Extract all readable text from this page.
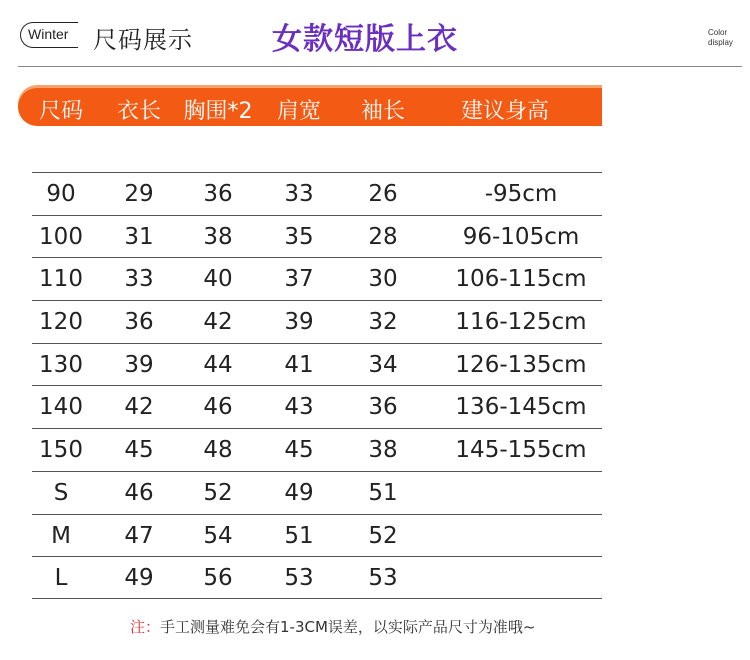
Winter 尺码展示	女款短版上衣	Color
display
尺码 衣长 胸围*2 肩宽 袖长	建议身高
90 29 36 33 26	-95cm
100 31 38 35 28	96-105cm
110 33 40 37 30	106-115cm
120 36 42 39 32	116-125cm
130 39 44 41 34	126-135cm
140 42 46 43 36	136-145cm
150 45 48 45 38	145-155cm
S 46 52 49 51
M 47 54 51 52
L 49 56 53 53
注：手工测量难免会有1-3CM误差，以实际产品尺寸为准哦~
